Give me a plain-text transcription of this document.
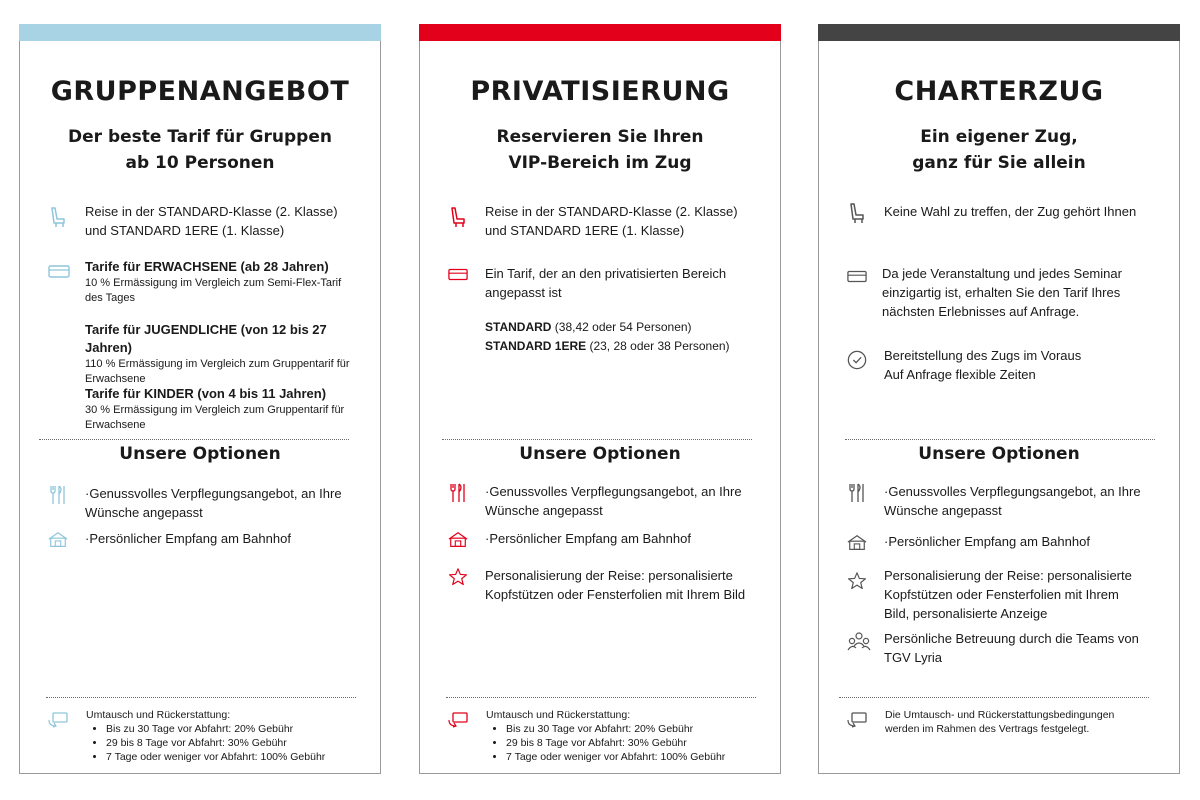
GRUPPENANGEBOT
Der beste Tarif für Gruppen
ab 10 Personen
Reise in der STANDARD-Klasse (2. Klasse)
und STANDARD 1ERE (1. Klasse)
Tarife für ERWACHSENE (ab 28 Jahren)
10 % Ermässigung im Vergleich zum Semi-Flex-Tarif
des Tages
Tarife für JUGENDLICHE (von 12 bis 27 Jahren)
110 % Ermässigung im Vergleich zum Gruppentarif für
Erwachsene
Tarife für KINDER (von 4 bis 11 Jahren)
30 % Ermässigung im Vergleich zum Gruppentarif für
Erwachsene
Unsere Optionen
·Genussvolles Verpflegungsangebot, an Ihre
Wünsche angepasst
·Persönlicher Empfang am Bahnhof
Umtausch und Rückerstattung:
• Bis zu 30 Tage vor Abfahrt: 20% Gebühr
• 29 bis 8 Tage vor Abfahrt: 30% Gebühr
• 7 Tage oder weniger vor Abfahrt: 100% Gebühr
PRIVATISIERUNG
Reservieren Sie Ihren
VIP-Bereich im Zug
Reise in der STANDARD-Klasse (2. Klasse)
und STANDARD 1ERE (1. Klasse)
Ein Tarif, der an den privatisierten Bereich
angepasst ist
STANDARD (38,42 oder 54 Personen)
STANDARD 1ERE (23, 28 oder 38 Personen)
Unsere Optionen
·Genussvolles Verpflegungsangebot, an Ihre
Wünsche angepasst
·Persönlicher Empfang am Bahnhof
Personalisierung der Reise: personalisierte
Kopfstützen oder Fensterfolien mit Ihrem Bild
Umtausch und Rückerstattung:
• Bis zu 30 Tage vor Abfahrt: 20% Gebühr
• 29 bis 8 Tage vor Abfahrt: 30% Gebühr
• 7 Tage oder weniger vor Abfahrt: 100% Gebühr
CHARTERZUG
Ein eigener Zug,
ganz für Sie allein
Keine Wahl zu treffen, der Zug gehört Ihnen
Da jede Veranstaltung und jedes Seminar
einzigartig ist, erhalten Sie den Tarif Ihres
nächsten Erlebnisses auf Anfrage.
Bereitstellung des Zugs im Voraus
Auf Anfrage flexible Zeiten
Unsere Optionen
·Genussvolles Verpflegungsangebot, an Ihre
Wünsche angepasst
·Persönlicher Empfang am Bahnhof
Personalisierung der Reise: personalisierte
Kopfstützen oder Fensterfolien mit Ihrem
Bild, personalisierte Anzeige
Persönliche Betreuung durch die Teams von
TGV Lyria
Die Umtausch- und Rückerstattungsbedingungen
werden im Rahmen des Vertrags festgelegt.
